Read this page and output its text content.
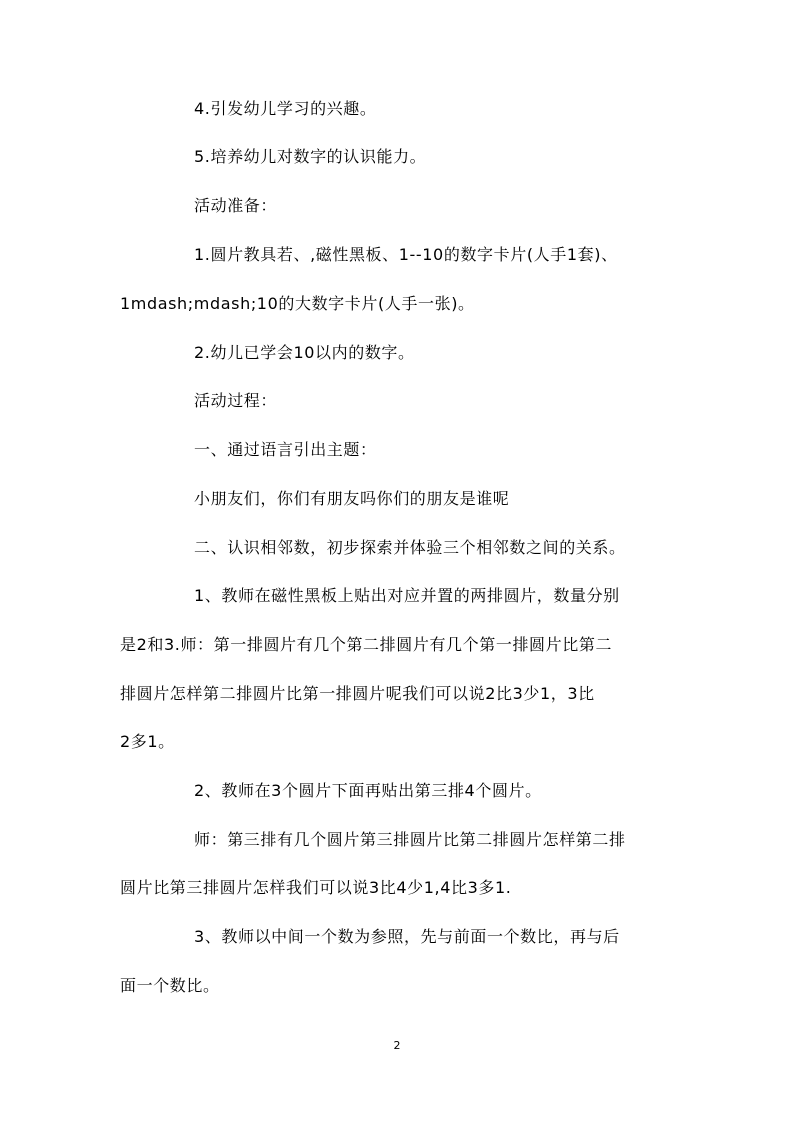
4.引发幼儿学习的兴趣。
5.培养幼儿对数字的认识能力。
活动准备：
1.圆片教具若、,磁性黑板、1--10的数字卡片(人手1套)、
1mdash;mdash;10的大数字卡片(人手一张)。
2.幼儿已学会10以内的数字。
活动过程：
一、通过语言引出主题：
小朋友们，你们有朋友吗你们的朋友是谁呢
二、认识相邻数，初步探索并体验三个相邻数之间的关系。
1、教师在磁性黑板上贴出对应并置的两排圆片，数量分别
是2和3.师：第一排圆片有几个第二排圆片有几个第一排圆片比第二
排圆片怎样第二排圆片比第一排圆片呢我们可以说2比3少1，3比
2多1。
2、教师在3个圆片下面再贴出第三排4个圆片。
师：第三排有几个圆片第三排圆片比第二排圆片怎样第二排
圆片比第三排圆片怎样我们可以说3比4少1,4比3多1.
3、教师以中间一个数为参照，先与前面一个数比，再与后
面一个数比。
2
